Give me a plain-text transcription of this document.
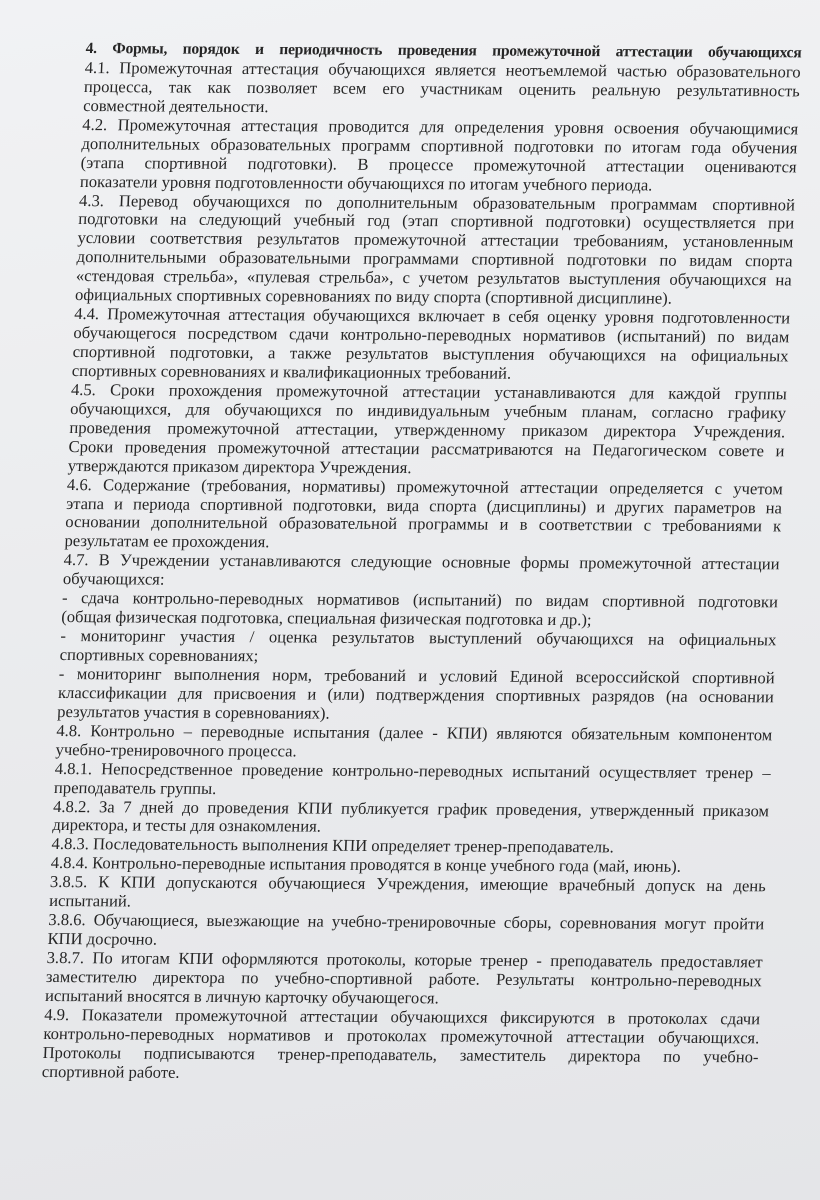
4. Формы, порядок и периодичность проведения промежуточной аттестации обучающихся
4.1. Промежуточная аттестация обучающихся является неотъемлемой частью образовательного
процесса, так как позволяет всем его участникам оценить реальную результативность
совместной деятельности.
4.2. Промежуточная аттестация проводится для определения уровня освоения обучающимися
дополнительных образовательных программ спортивной подготовки по итогам года обучения
(этапа спортивной подготовки). В процессе промежуточной аттестации оцениваются
показатели уровня подготовленности обучающихся по итогам учебного периода.
4.3. Перевод обучающихся по дополнительным образовательным программам спортивной
подготовки на следующий учебный год (этап спортивной подготовки) осуществляется при
условии соответствия результатов промежуточной аттестации требованиям, установленным
дополнительными образовательными программами спортивной подготовки по видам спорта
«стендовая стрельба», «пулевая стрельба», с учетом результатов выступления обучающихся на
официальных спортивных соревнованиях по виду спорта (спортивной дисциплине).
4.4. Промежуточная аттестация обучающихся включает в себя оценку уровня подготовленности
обучающегося посредством сдачи контрольно-переводных нормативов (испытаний) по видам
спортивной подготовки, а также результатов выступления обучающихся на официальных
спортивных соревнованиях и квалификационных требований.
4.5. Сроки прохождения промежуточной аттестации устанавливаются для каждой группы
обучающихся, для обучающихся по индивидуальным учебным планам, согласно графику
проведения промежуточной аттестации, утвержденному приказом директора Учреждения.
Сроки проведения промежуточной аттестации рассматриваются на Педагогическом совете и
утверждаются приказом директора Учреждения.
4.6. Содержание (требования, нормативы) промежуточной аттестации определяется с учетом
этапа и периода спортивной подготовки, вида спорта (дисциплины) и других параметров на
основании дополнительной образовательной программы и в соответствии с требованиями к
результатам ее прохождения.
4.7. В Учреждении устанавливаются следующие основные формы промежуточной аттестации
обучающихся:
- сдача контрольно-переводных нормативов (испытаний) по видам спортивной подготовки
(общая физическая подготовка, специальная физическая подготовка и др.);
- мониторинг участия / оценка результатов выступлений обучающихся на официальных
спортивных соревнованиях;
- мониторинг выполнения норм, требований и условий Единой всероссийской спортивной
классификации для присвоения и (или) подтверждения спортивных разрядов (на основании
результатов участия в соревнованиях).
4.8. Контрольно – переводные испытания (далее - КПИ) являются обязательным компонентом
учебно-тренировочного процесса.
4.8.1. Непосредственное проведение контрольно-переводных испытаний осуществляет тренер –
преподаватель группы.
4.8.2. За 7 дней до проведения КПИ публикуется график проведения, утвержденный приказом
директора, и тесты для ознакомления.
4.8.3. Последовательность выполнения КПИ определяет тренер-преподаватель.
4.8.4. Контрольно-переводные испытания проводятся в конце учебного года (май, июнь).
3.8.5. К КПИ допускаются обучающиеся Учреждения, имеющие врачебный допуск на день
испытаний.
3.8.6. Обучающиеся, выезжающие на учебно-тренировочные сборы, соревнования могут пройти
КПИ досрочно.
3.8.7. По итогам КПИ оформляются протоколы, которые тренер - преподаватель предоставляет
заместителю директора по учебно-спортивной работе. Результаты контрольно-переводных
испытаний вносятся в личную карточку обучающегося.
4.9. Показатели промежуточной аттестации обучающихся фиксируются в протоколах сдачи
контрольно-переводных нормативов и протоколах промежуточной аттестации обучающихся.
Протоколы подписываются тренер-преподаватель, заместитель директора по учебно-
спортивной работе.
